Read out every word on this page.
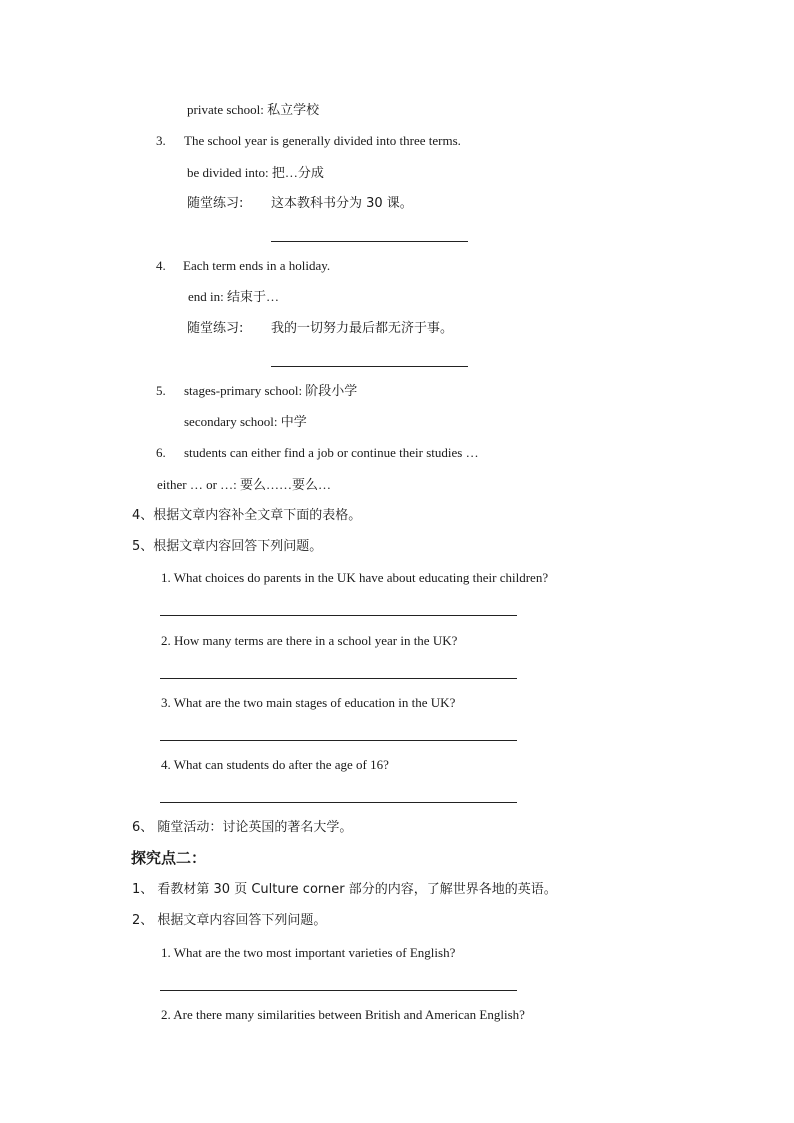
private school: 私立学校
3. The school year is generally divided into three terms.
be divided into: 把…分成
随堂练习: 这本教科书分为 30 课。
4. Each term ends in a holiday.
end in: 结束于…
随堂练习: 我的一切努力最后都无济于事。
5. stages-primary school: 阶段小学
secondary school: 中学
6. students can either find a job or continue their studies …
either … or …: 要么……要么…
4、根据文章内容补全文章下面的表格。
5、根据文章内容回答下列问题。
1. What choices do parents in the UK have about educating their children?
2. How many terms are there in a school year in the UK?
3. What are the two main stages of education in the UK?
4. What can students do after the age of 16?
6、 随堂活动：讨论英国的著名大学。
探究点二：
1、 看教材第 30 页 Culture corner 部分的内容，了解世界各地的英语。
2、 根据文章内容回答下列问题。
1. What are the two most important varieties of English?
2. Are there many similarities between British and American English?
